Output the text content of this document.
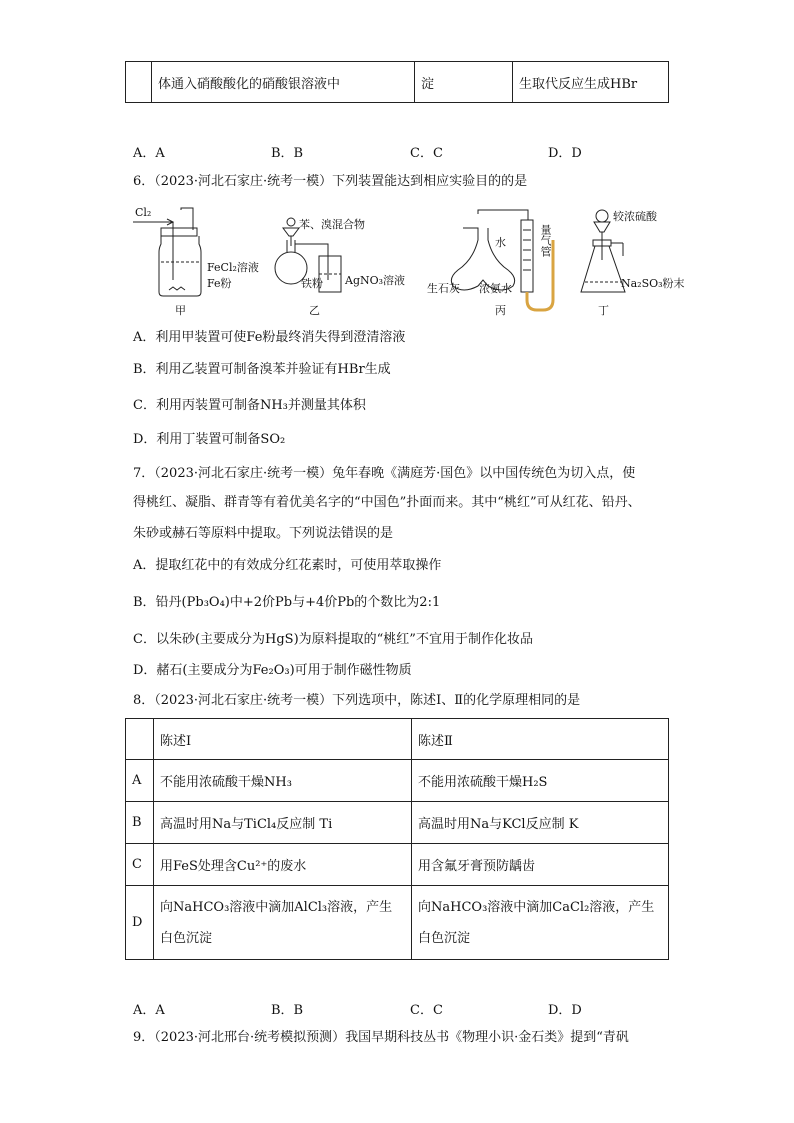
	体通入硝酸酸化的硝酸银溶液中	淀	生取代反应生成HBr
A．A	B．B	C．C	D．D
6．（2023·河北石家庄·统考一模）下列装置能达到相应实验目的的是
Cl₂
FeCl₂溶液
Fe粉
甲
苯、溴混合物
铁粉 AgNO₃溶液
乙
水	量气管
生石灰 浓氨水
丙
较浓硫酸
Na₂SO₃粉末
丁
A．利用甲装置可使Fe粉最终消失得到澄清溶液
B．利用乙装置可制备溴苯并验证有HBr生成
C．利用丙装置可制备NH₃并测量其体积
D．利用丁装置可制备SO₂
7．（2023·河北石家庄·统考一模）兔年春晚《满庭芳·国色》以中国传统色为切入点，使
得桃红、凝脂、群青等有着优美名字的“中国色”扑面而来。其中“桃红”可从红花、铅丹、
朱砂或赫石等原料中提取。下列说法错误的是
A．提取红花中的有效成分红花素时，可使用萃取操作
B．铅丹(Pb₃O₄)中+2价Pb与+4价Pb的个数比为2:1
C．以朱砂(主要成分为HgS)为原料提取的“桃红”不宜用于制作化妆品
D．赭石(主要成分为Fe₂O₃)可用于制作磁性物质
8．（2023·河北石家庄·统考一模）下列选项中，陈述Ⅰ、Ⅱ的化学原理相同的是
	陈述Ⅰ	陈述Ⅱ
A	不能用浓硫酸干燥NH₃	不能用浓硫酸干燥H₂S
B	高温时用Na与TiCl₄反应制 Ti	高温时用Na与KCl反应制 K
C	用FeS处理含Cu²⁺的废水	用含氟牙膏预防龋齿
D	向NaHCO₃溶液中滴加AlCl₃溶液，产生白色沉淀	向NaHCO₃溶液中滴加CaCl₂溶液，产生白色沉淀
A．A	B．B	C．C	D．D
9．（2023·河北邢台·统考模拟预测）我国早期科技丛书《物理小识·金石类》提到“青矾
